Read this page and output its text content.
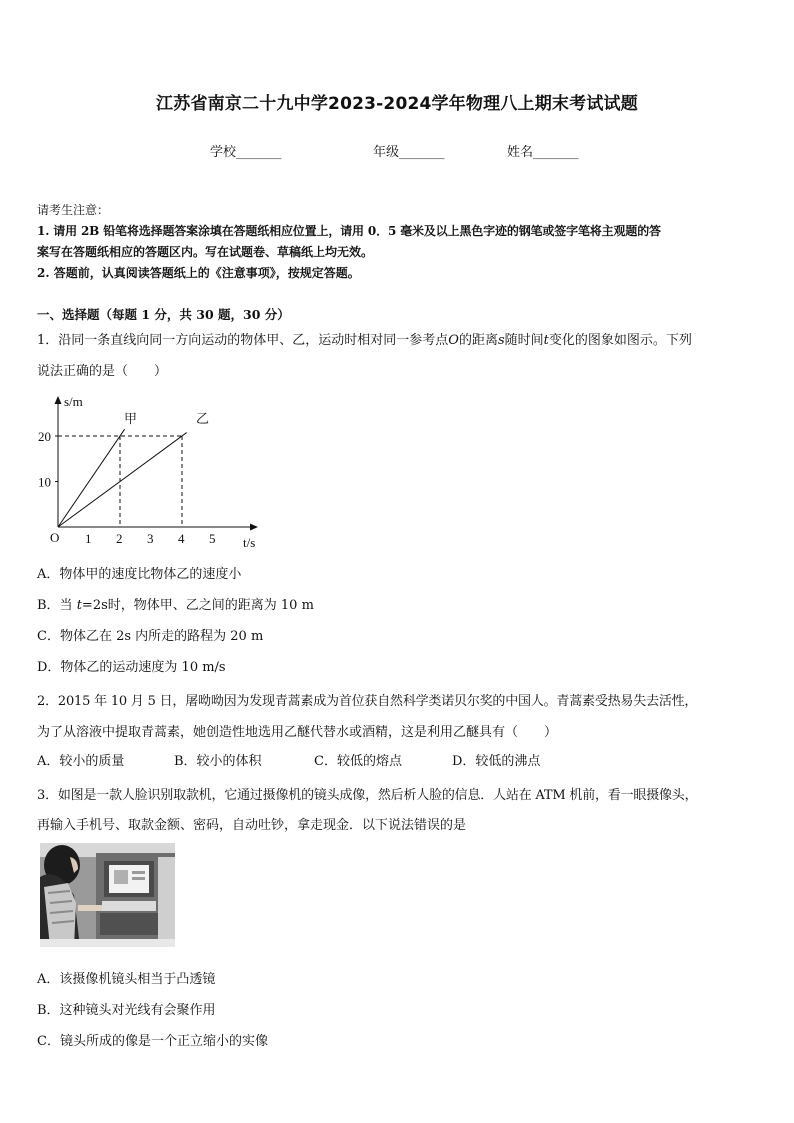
江苏省南京二十九中学2023-2024学年物理八上期末考试试题
学校_______	年级_______	姓名_______
请考生注意：
1. 请用 2B 铅笔将选择题答案涂填在答题纸相应位置上，请用 0．5 毫米及以上黑色字迹的钢笔或签字笔将主观题的答
案写在答题纸相应的答题区内。写在试题卷、草稿纸上均无效。
2. 答题前，认真阅读答题纸上的《注意事项》，按规定答题。
一、选择题（每题 1 分，共 30 题，30 分）
1．沿同一条直线向同一方向运动的物体甲、乙，运动时相对同一参考点O的距离s随时间t变化的图象如图示。下列
说法正确的是（　　）
s/m
t/s
O 1 2 3 4 5
10
20
甲	乙
A．物体甲的速度比物体乙的速度小
B．当 t=2s时，物体甲、乙之间的距离为 10 m
C．物体乙在 2s 内所走的路程为 20 m
D．物体乙的运动速度为 10 m/s
2．2015 年 10 月 5 日，屠呦呦因为发现青蒿素成为首位获自然科学类诺贝尔奖的中国人。青蒿素受热易失去活性，
为了从溶液中提取青蒿素，她创造性地选用乙醚代替水或酒精，这是利用乙醚具有（　　）
A．较小的质量	B．较小的体积	C．较低的熔点	D．较低的沸点
3．如图是一款人脸识别取款机，它通过摄像机的镜头成像，然后析人脸的信息．人站在 ATM 机前，看一眼摄像头，
再输入手机号、取款金额、密码，自动吐钞，拿走现金．以下说法错误的是
A．该摄像机镜头相当于凸透镜
B．这种镜头对光线有会聚作用
C．镜头所成的像是一个正立缩小的实像
